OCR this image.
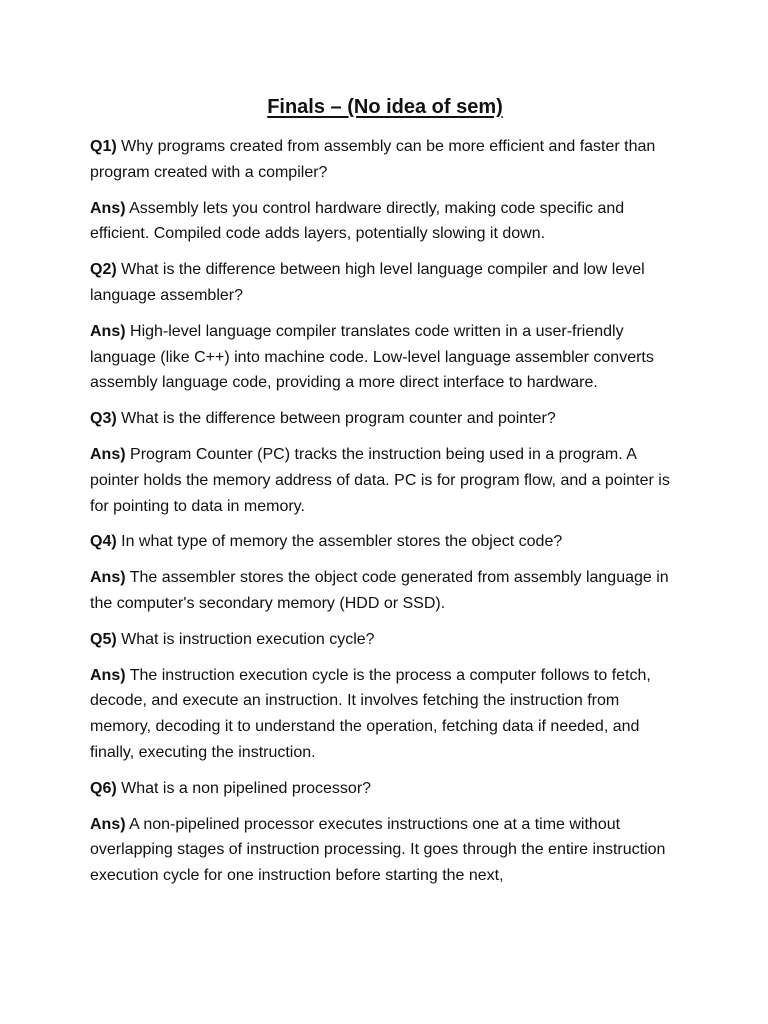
Finals – (No idea of sem)

Q1) Why programs created from assembly can be more efficient and faster than program created with a compiler?

Ans) Assembly lets you control hardware directly, making code specific and efficient. Compiled code adds layers, potentially slowing it down.

Q2) What is the difference between high level language compiler and low level language assembler?

Ans) High-level language compiler translates code written in a user-friendly language (like C++) into machine code. Low-level language assembler converts assembly language code, providing a more direct interface to hardware.

Q3) What is the difference between program counter and pointer?

Ans) Program Counter (PC) tracks the instruction being used in a program. A pointer holds the memory address of data. PC is for program flow, and a pointer is for pointing to data in memory.

Q4) In what type of memory the assembler stores the object code?

Ans) The assembler stores the object code generated from assembly language in the computer's secondary memory (HDD or SSD).

Q5) What is instruction execution cycle?

Ans) The instruction execution cycle is the process a computer follows to fetch, decode, and execute an instruction. It involves fetching the instruction from memory, decoding it to understand the operation, fetching data if needed, and finally, executing the instruction.

Q6) What is a non pipelined processor?

Ans) A non-pipelined processor executes instructions one at a time without overlapping stages of instruction processing. It goes through the entire instruction execution cycle for one instruction before starting the next,
